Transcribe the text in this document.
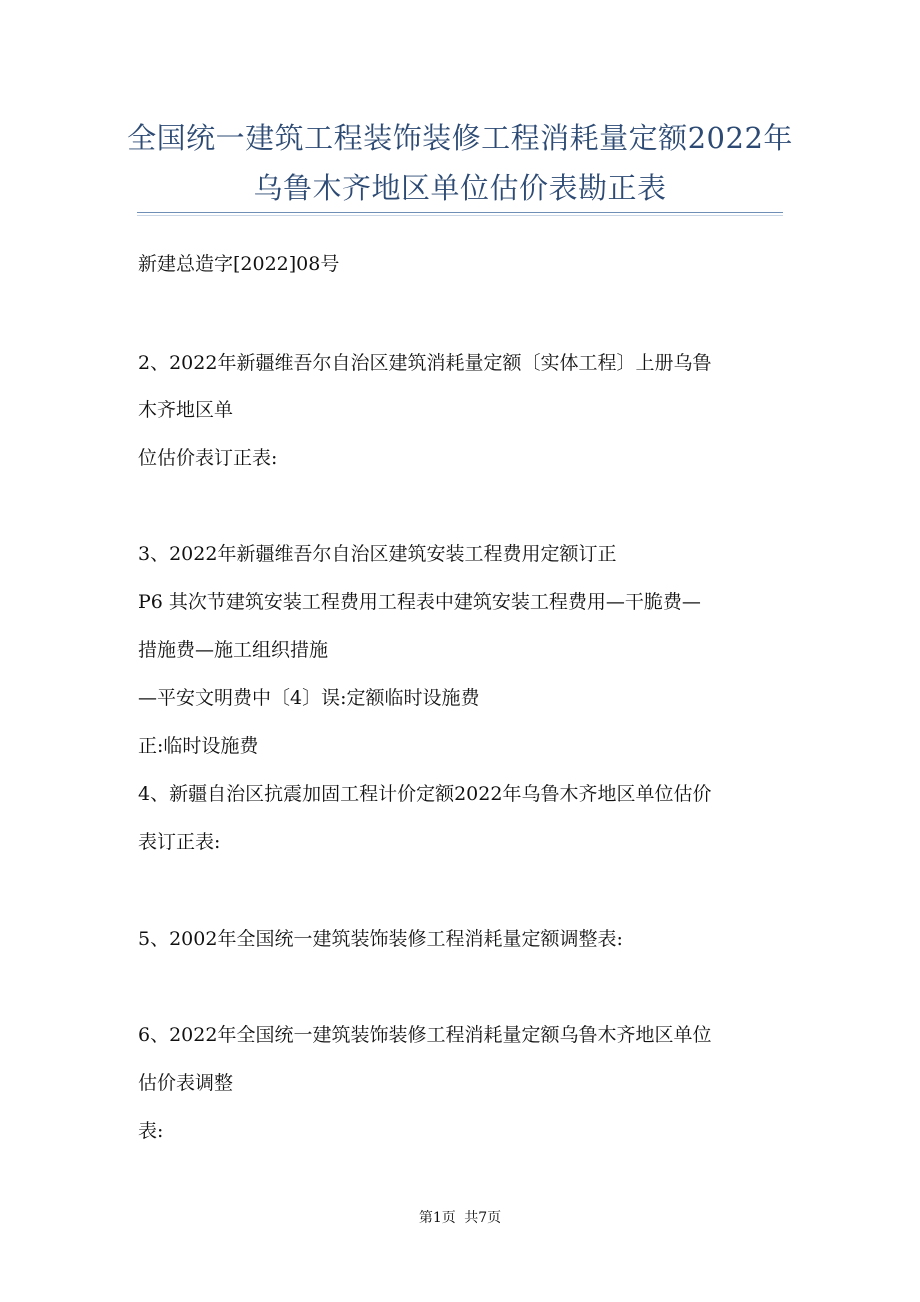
全国统一建筑工程装饰装修工程消耗量定额2022年
乌鲁木齐地区单位估价表勘正表
新建总造字[2022]08号
2、2022年新疆维吾尔自治区建筑消耗量定额〔实体工程〕上册乌鲁
木齐地区单
位估价表订正表:
3、2022年新疆维吾尔自治区建筑安装工程费用定额订正
P6 其次节建筑安装工程费用工程表中建筑安装工程费用—干脆费—
措施费—施工组织措施
—平安文明费中〔4〕误:定额临时设施费
正:临时设施费
4、新疆自治区抗震加固工程计价定额2022年乌鲁木齐地区单位估价
表订正表:
5、2002年全国统一建筑装饰装修工程消耗量定额调整表:
6、2022年全国统一建筑装饰装修工程消耗量定额乌鲁木齐地区单位
估价表调整
表:
第1页 共7页
